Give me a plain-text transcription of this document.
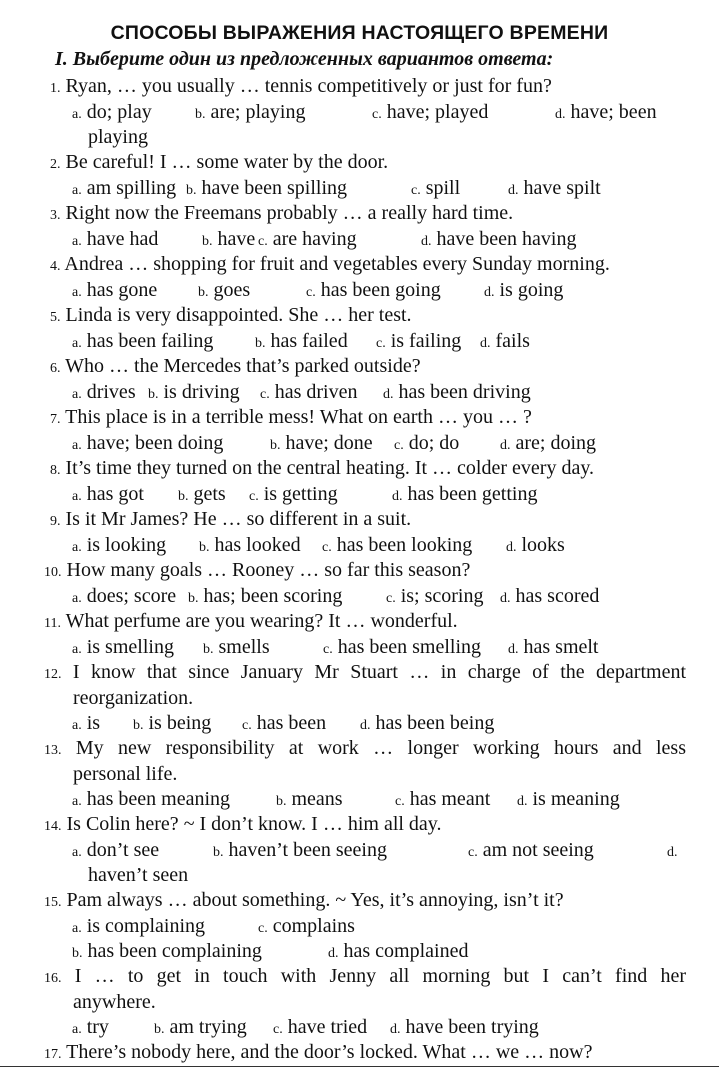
СПОСОБЫ ВЫРАЖЕНИЯ НАСТОЯЩЕГО ВРЕМЕНИ
I. Выберите один из предложенных вариантов ответа:
1. Ryan, … you usually … tennis competitively or just for fun?
a. do; play	b. are; playing	c. have; played	d. have; been
playing
2. Be careful! I … some water by the door.
a. am spilling b. have been spilling	c. spill	d. have spilt
3. Right now the Freemans probably … a really hard time.
a. have had	b. have c. are having	d. have been having
4. Andrea … shopping for fruit and vegetables every Sunday morning.
a. has gone	b. goes	c. has been going	d. is going
5. Linda is very disappointed. She … her test.
a. has been failing	b. has failed c. is failing d. fails
6. Who … the Mercedes that’s parked outside?
a. drives b. is driving c. has driven d. has been driving
7. This place is in a terrible mess! What on earth … you … ?
a. have; been doing	b. have; done c. do; do	d. are; doing
8. It’s time they turned on the central heating. It … colder every day.
a. has got b. gets c. is getting	d. has been getting
9. Is it Mr James? He … so different in a suit.
a. is looking b. has looked c. has been looking d. looks
10. How many goals … Rooney … so far this season?
a. does; score b. has; been scoring	c. is; scoring d. has scored
11. What perfume are you wearing? It … wonderful.
a. is smelling b. smells	c. has been smelling d. has smelt
12. I know that since January Mr Stuart … in charge of the department
reorganization.
a. is b. is being c. has been d. has been being
13. My new responsibility at work … longer working hours and less
personal life.
a. has been meaning	b. means	c. has meant d. is meaning
14. Is Colin here? ~ I don’t know. I … him all day.
a. don’t see	b. haven’t been seeing	c. am not seeing	d.
haven’t seen
15. Pam always … about something. ~ Yes, it’s annoying, isn’t it?
a. is complaining	c. complains
b. has been complaining	d. has complained
16. I … to get in touch with Jenny all morning but I can’t find her
anywhere.
a. try	b. am trying c. have tried d. have been trying
17. There’s nobody here, and the door’s locked. What … we … now?
